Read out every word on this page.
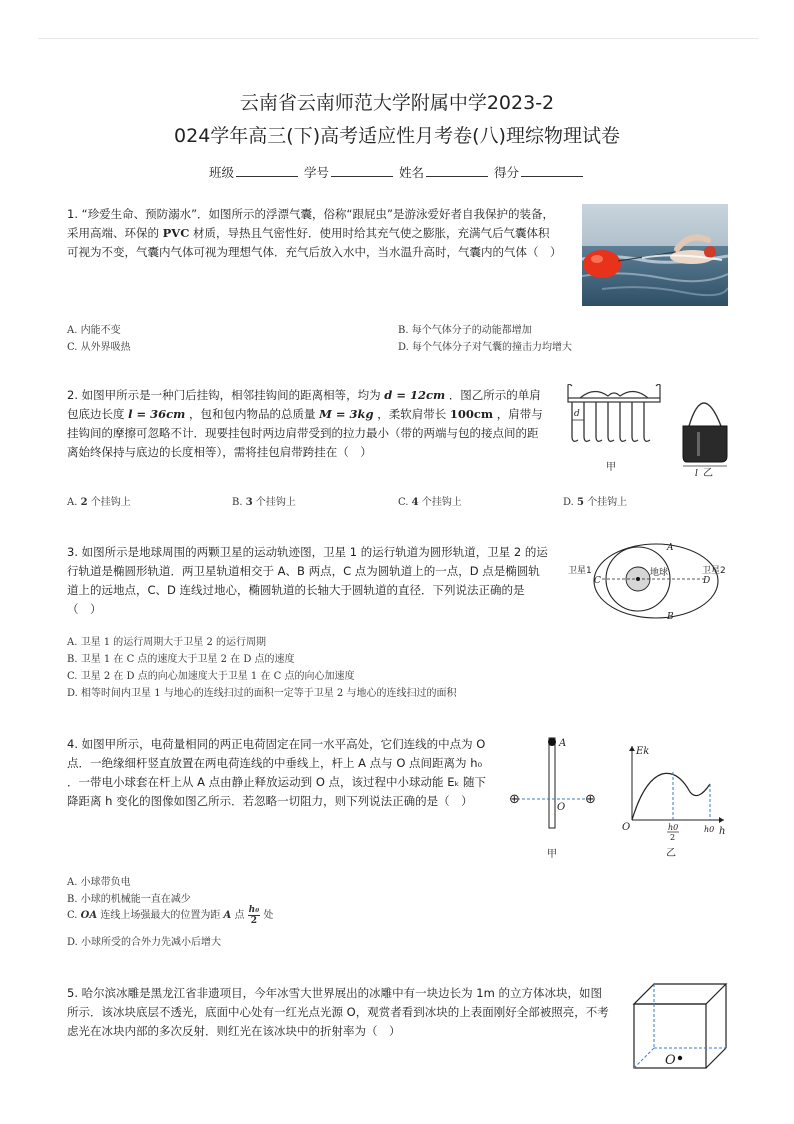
云南省云南师范大学附属中学2023-2
024学年高三(下)高考适应性月考卷(八)理综物理试卷
班级	学号	姓名	得分
1. “珍爱生命、预防溺水”．如图所示的浮漂气囊，俗称“跟屁虫”是游泳爱好者自我保护的装备，采用高端、环保的 PVC 材质，导热且气密性好．使用时给其充气使之膨胀，充满气后气囊体积可视为不变，气囊内气体可视为理想气体．充气后放入水中，当水温升高时，气囊内的气体（　）
A. 内能不变	B. 每个气体分子的动能都增加
C. 从外界吸热	D. 每个气体分子对气囊的撞击力均增大
2. 如图甲所示是一种门后挂钩，相邻挂钩间的距离相等，均为 d = 12cm ．图乙所示的单肩包底边长度 l = 36cm ，包和包内物品的总质量 M = 3kg ，柔软肩带长 100cm ，肩带与挂钩间的摩擦可忽略不计．现要挂包时两边肩带受到的拉力最小（带的两端与包的接点间的距离始终保持与底边的长度相等），需将挂包肩带跨挂在（　）
d
甲
l 乙
A. 2 个挂钩上	B. 3 个挂钩上	C. 4 个挂钩上	D. 5 个挂钩上
3. 如图所示是地球周围的两颗卫星的运动轨迹图，卫星 1 的运行轨道为圆形轨道，卫星 2 的运行轨道是椭圆形轨道．两卫星轨道相交于 A、B 两点，C 点为圆轨道上的一点，D 点是椭圆轨道上的远地点，C、D 连线过地心，椭圆轨道的长轴大于圆轨道的直径．下列说法正确的是（　）
地球
卫星1	卫星2
C	D
A
B
A. 卫星 1 的运行周期大于卫星 2 的运行周期
B. 卫星 1 在 C 点的速度大于卫星 2 在 D 点的速度
C. 卫星 2 在 D 点的向心加速度大于卫星 1 在 C 点的向心加速度
D. 相等时间内卫星 1 与地心的连线扫过的面积一定等于卫星 2 与地心的连线扫过的面积
4. 如图甲所示，电荷量相同的两正电荷固定在同一水平高处，它们连线的中点为 O 点．一绝缘细杆竖直放置在两电荷连线的中垂线上，杆上 A 点与 O 点间距离为 h₀ ．一带电小球套在杆上从 A 点由静止释放运动到 O 点，该过程中小球动能 Eₖ 随下降距离 h 变化的图像如图乙所示．若忽略一切阻力，则下列说法正确的是（　）	⊕	⊕
A
O
甲
Ek
O	h
h0
2
h0
乙
A. 小球带负电
B. 小球的机械能一直在减少
C. OA 连线上场强最大的位置为距 A 点 $\frac{\text{h₀}}{2}$ 处
D. 小球所受的合外力先减小后增大
5. 哈尔滨冰雕是黑龙江省非遗项目，今年冰雪大世界展出的冰雕中有一块边长为 1m 的立方体冰块，如图所示．该冰块底层不透光，底面中心处有一红光点光源 O，观赏者看到冰块的上表面刚好全部被照亮，不考虑光在冰块内部的多次反射．则红光在该冰块中的折射率为（　）
O
